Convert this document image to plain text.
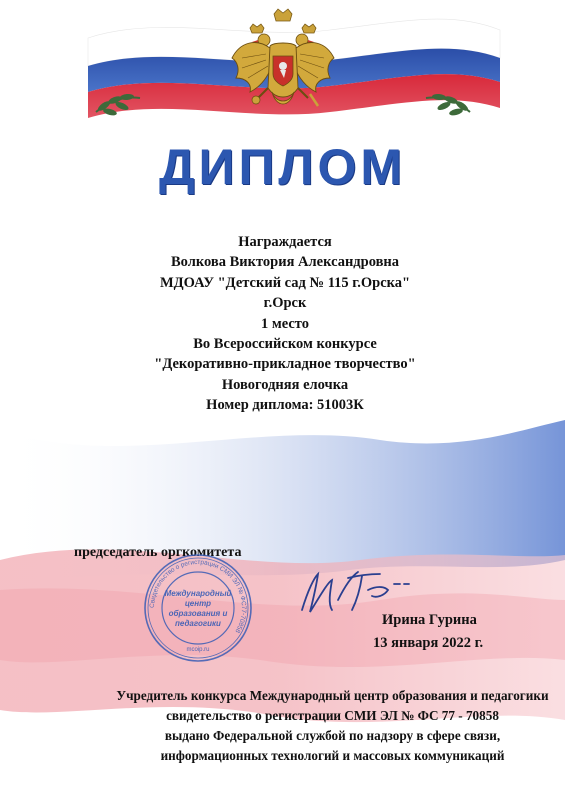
ДИПЛОМ
Награждается
Волкова Виктория Александровна
МДОАУ "Детский сад № 115 г.Орска"
г.Орск
1 место
Во Всероссийском конкурсе
"Декоративно-прикладное творчество"
Новогодняя елочка
Номер диплома: 51003К
председатель оргкомитета
Свидетельство о регистрации СМИ ЭЛ № ФС77-70858
Международный
центр
образования и
педагогики
mcoip.ru
Ирина Гурина
13 января 2022 г.
Учредитель конкурса Международный центр образования и педагогики
свидетельство о регистрации СМИ ЭЛ № ФС 77 - 70858
выдано Федеральной службой по надзору в сфере связи,
информационных технологий и массовых коммуникаций
